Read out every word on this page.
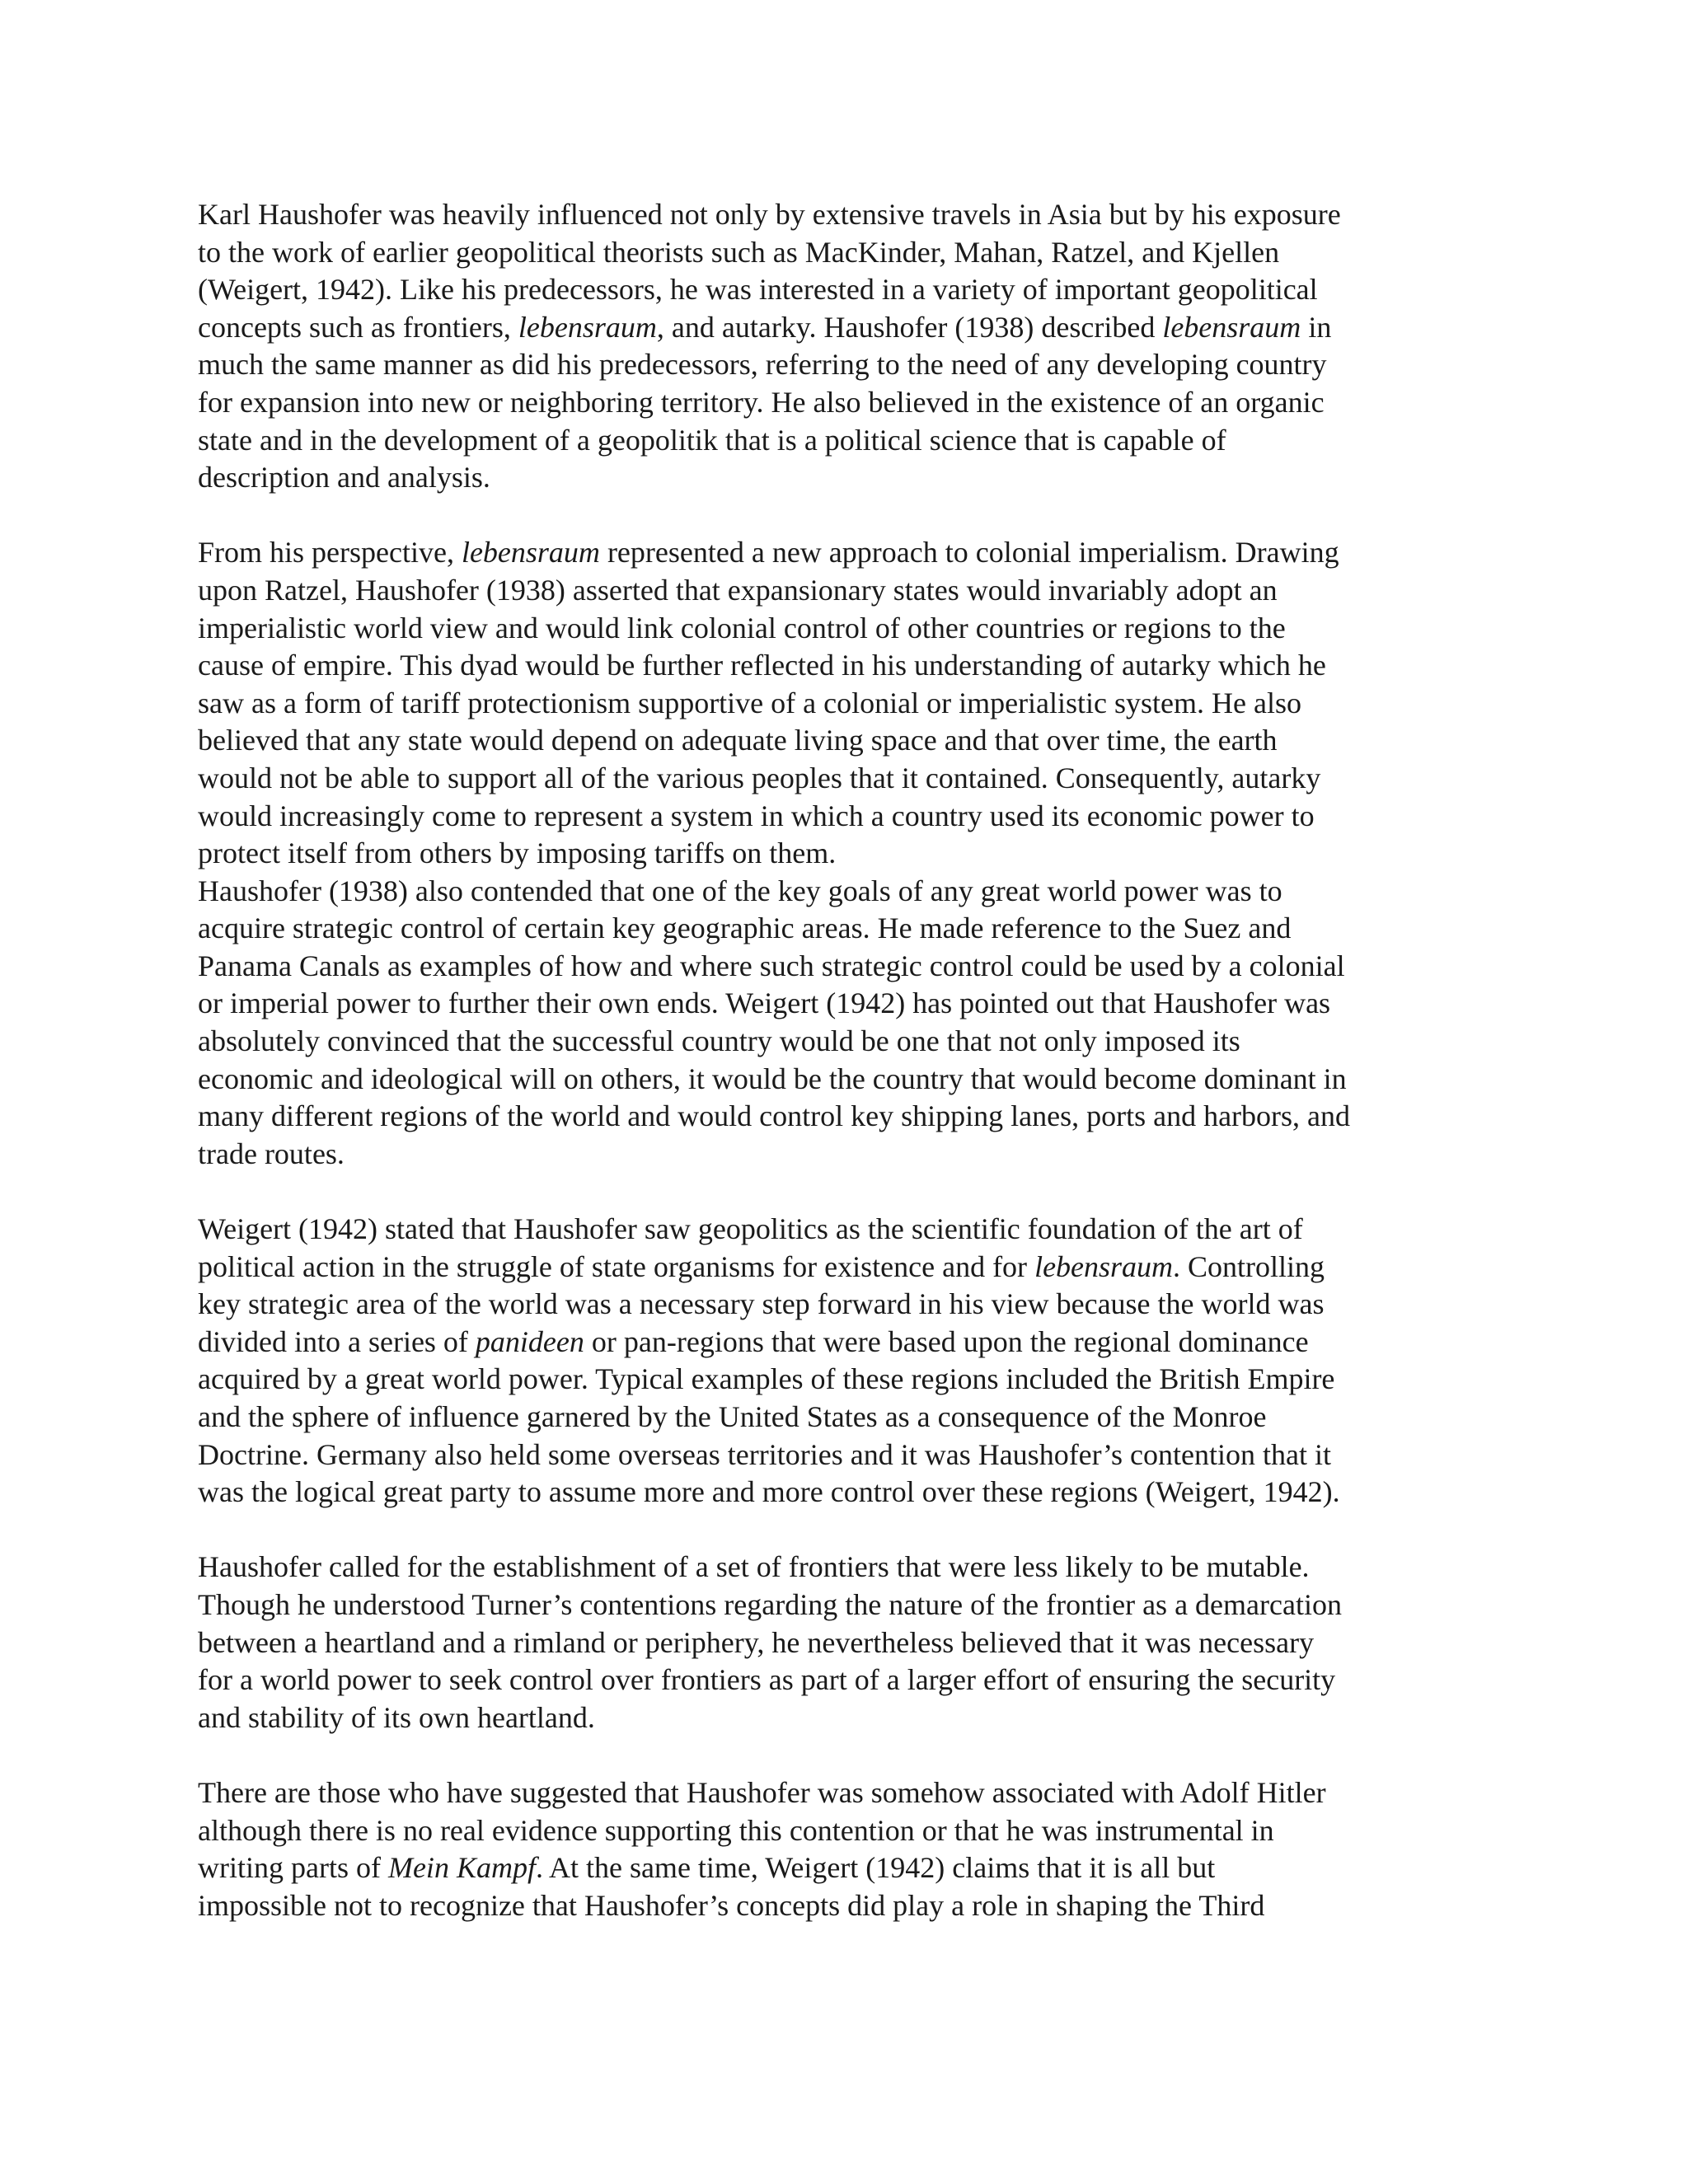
Karl Haushofer was heavily influenced not only by extensive travels in Asia but by his exposure
to the work of earlier geopolitical theorists such as MacKinder, Mahan, Ratzel, and Kjellen
(Weigert, 1942). Like his predecessors, he was interested in a variety of important geopolitical
concepts such as frontiers, lebensraum, and autarky. Haushofer (1938) described lebensraum in
much the same manner as did his predecessors, referring to the need of any developing country
for expansion into new or neighboring territory. He also believed in the existence of an organic
state and in the development of a geopolitik that is a political science that is capable of
description and analysis.

From his perspective, lebensraum represented a new approach to colonial imperialism. Drawing
upon Ratzel, Haushofer (1938) asserted that expansionary states would invariably adopt an
imperialistic world view and would link colonial control of other countries or regions to the
cause of empire. This dyad would be further reflected in his understanding of autarky which he
saw as a form of tariff protectionism supportive of a colonial or imperialistic system. He also
believed that any state would depend on adequate living space and that over time, the earth
would not be able to support all of the various peoples that it contained. Consequently, autarky
would increasingly come to represent a system in which a country used its economic power to
protect itself from others by imposing tariffs on them.

Haushofer (1938) also contended that one of the key goals of any great world power was to
acquire strategic control of certain key geographic areas. He made reference to the Suez and
Panama Canals as examples of how and where such strategic control could be used by a colonial
or imperial power to further their own ends. Weigert (1942) has pointed out that Haushofer was
absolutely convinced that the successful country would be one that not only imposed its
economic and ideological will on others, it would be the country that would become dominant in
many different regions of the world and would control key shipping lanes, ports and harbors, and
trade routes.

Weigert (1942) stated that Haushofer saw geopolitics as the scientific foundation of the art of
political action in the struggle of state organisms for existence and for lebensraum. Controlling
key strategic area of the world was a necessary step forward in his view because the world was
divided into a series of panideen or pan-regions that were based upon the regional dominance
acquired by a great world power. Typical examples of these regions included the British Empire
and the sphere of influence garnered by the United States as a consequence of the Monroe
Doctrine. Germany also held some overseas territories and it was Haushofer’s contention that it
was the logical great party to assume more and more control over these regions (Weigert, 1942).

Haushofer called for the establishment of a set of frontiers that were less likely to be mutable.
Though he understood Turner’s contentions regarding the nature of the frontier as a demarcation
between a heartland and a rimland or periphery, he nevertheless believed that it was necessary
for a world power to seek control over frontiers as part of a larger effort of ensuring the security
and stability of its own heartland.

There are those who have suggested that Haushofer was somehow associated with Adolf Hitler
although there is no real evidence supporting this contention or that he was instrumental in
writing parts of Mein Kampf. At the same time, Weigert (1942) claims that it is all but
impossible not to recognize that Haushofer’s concepts did play a role in shaping the Third
